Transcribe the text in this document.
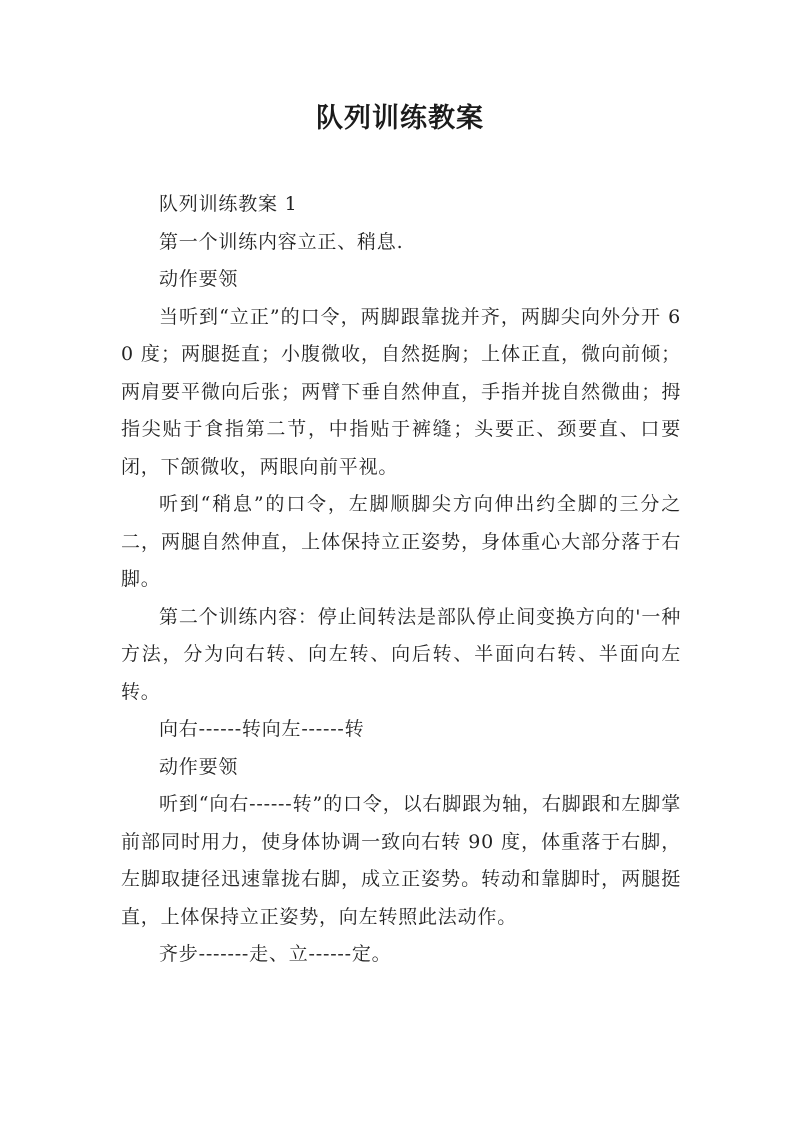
队列训练教案

队列训练教案 1

第一个训练内容立正、稍息.

动作要领

当听到“立正”的口令，两脚跟靠拢并齐，两脚尖向外分开 60 度；两腿挺直；小腹微收，自然挺胸；上体正直，微向前倾；两肩要平微向后张；两臂下垂自然伸直，手指并拢自然微曲；拇指尖贴于食指第二节，中指贴于裤缝；头要正、颈要直、口要闭，下颌微收，两眼向前平视。

听到“稍息”的口令，左脚顺脚尖方向伸出约全脚的三分之二，两腿自然伸直，上体保持立正姿势，身体重心大部分落于右脚。

第二个训练内容：停止间转法是部队停止间变换方向的'一种方法，分为向右转、向左转、向后转、半面向右转、半面向左转。

向右------转向左------转

动作要领

听到“向右------转”的口令，以右脚跟为轴，右脚跟和左脚掌前部同时用力，使身体协调一致向右转 90 度，体重落于右脚，左脚取捷径迅速靠拢右脚，成立正姿势。转动和靠脚时，两腿挺直，上体保持立正姿势，向左转照此法动作。

齐步-------走、立------定。
